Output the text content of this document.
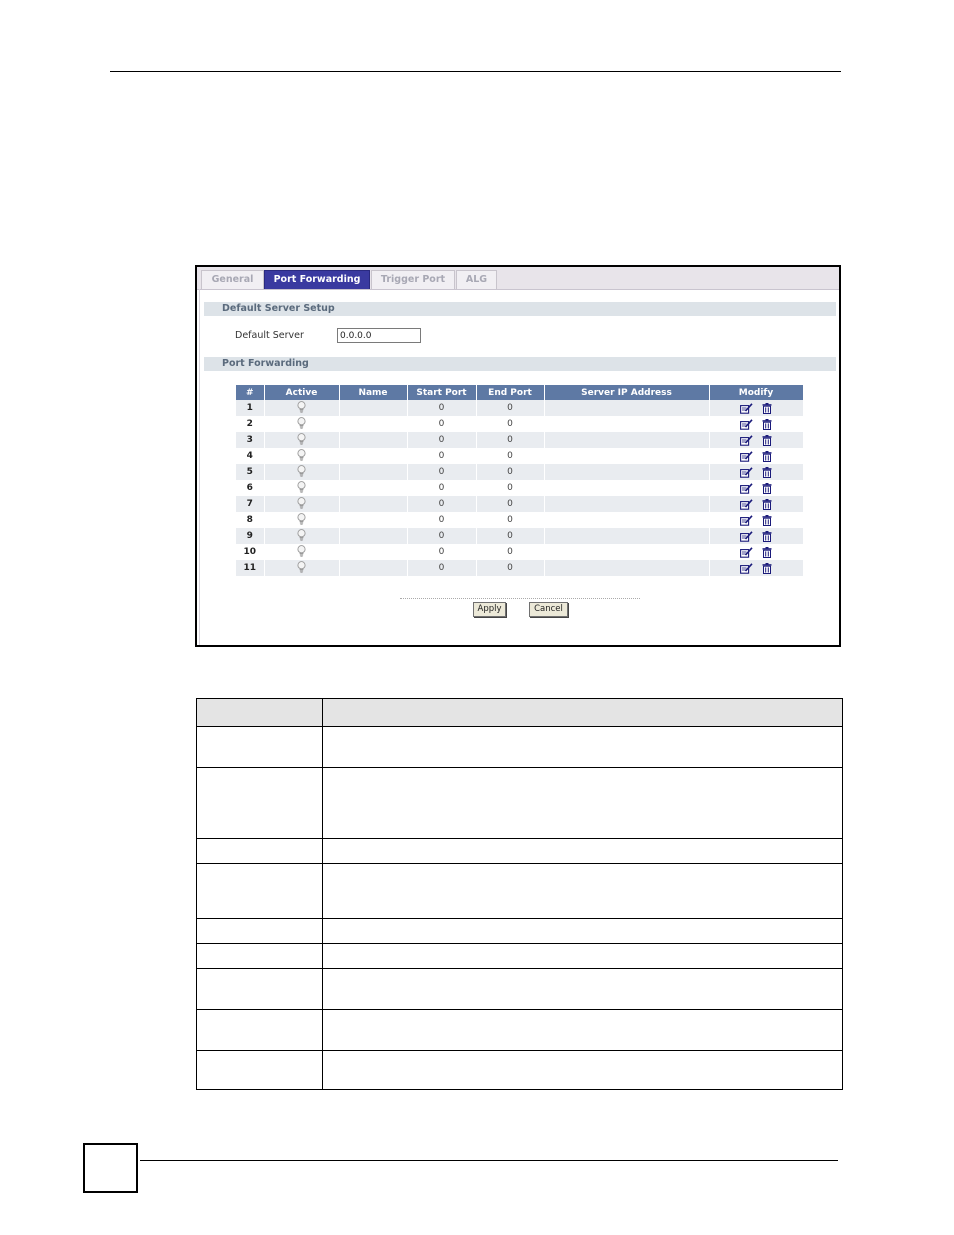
General	Port Forwarding	Trigger Port	ALG
Default Server Setup
Default Server
0.0.0.0
Port Forwarding
#	Active	Name	Start Port	End Port	Server IP Address	Modify
1			0	0		
2			0	0		
3			0	0		
4			0	0		
5			0	0		
6			0	0		
7			0	0		
8			0	0		
9			0	0		
10			0	0		
11			0	0		
Apply	Cancel
